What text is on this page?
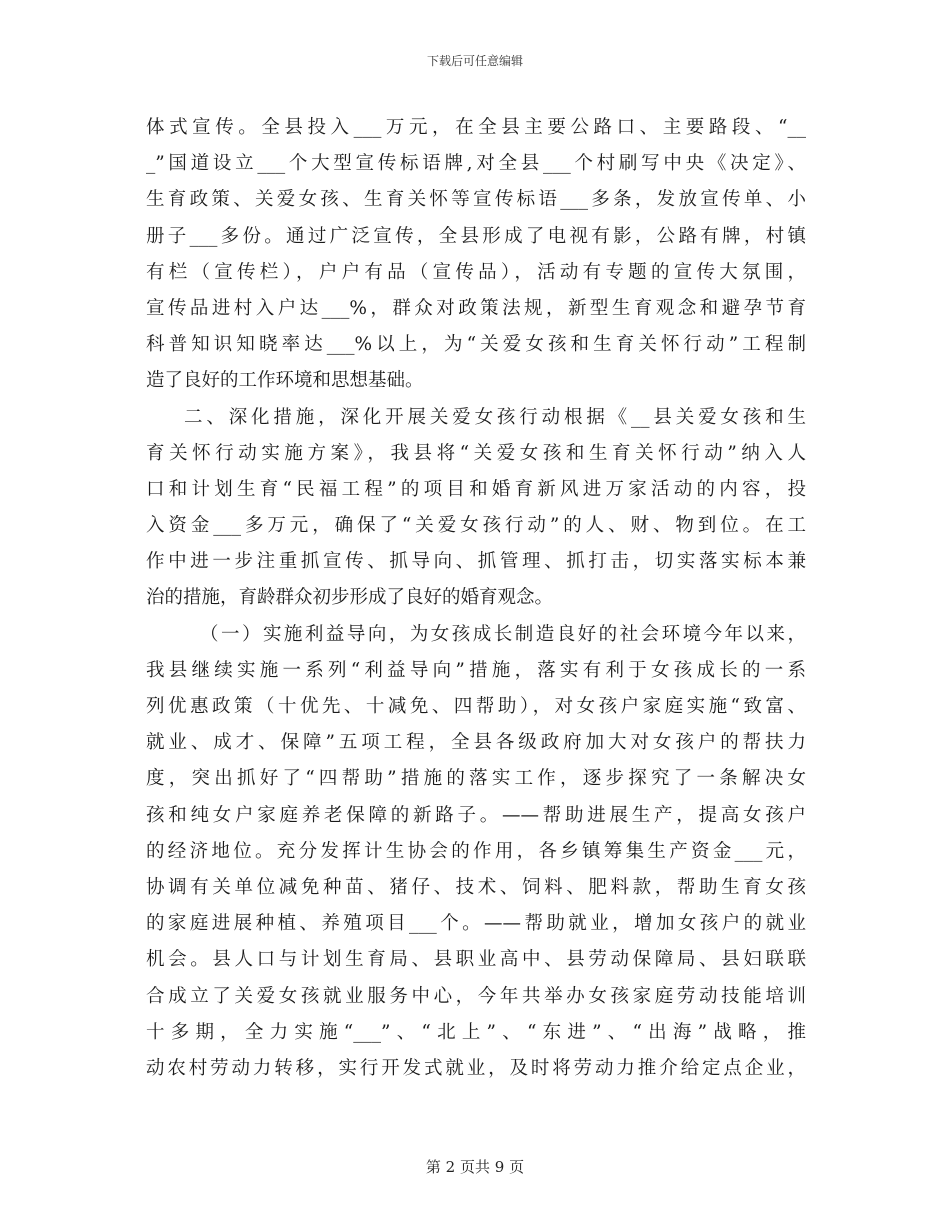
下载后可任意编辑
体式宣传。全县投入___万元，在全县主要公路口、主要路段、“__
_”国道设立___个大型宣传标语牌,对全县___个村刷写中央《决定》、
生育政策、关爱女孩、生育关怀等宣传标语___多条，发放宣传单、小
册子___多份。通过广泛宣传，全县形成了电视有影，公路有牌，村镇
有栏（宣传栏），户户有品（宣传品），活动有专题的宣传大氛围，
宣传品进村入户达___%，群众对政策法规，新型生育观念和避孕节育
科普知识知晓率达___%以上，为“关爱女孩和生育关怀行动”工程制
造了良好的工作环境和思想基础。
二、深化措施，深化开展关爱女孩行动根据《__县关爱女孩和生
育关怀行动实施方案》，我县将“关爱女孩和生育关怀行动”纳入人
口和计划生育“民福工程”的项目和婚育新风进万家活动的内容，投
入资金___多万元，确保了“关爱女孩行动”的人、财、物到位。在工
作中进一步注重抓宣传、抓导向、抓管理、抓打击，切实落实标本兼
治的措施，育龄群众初步形成了良好的婚育观念。
（一）实施利益导向，为女孩成长制造良好的社会环境今年以来，
我县继续实施一系列“利益导向”措施，落实有利于女孩成长的一系
列优惠政策（十优先、十减免、四帮助），对女孩户家庭实施“致富、
就业、成才、保障”五项工程，全县各级政府加大对女孩户的帮扶力
度，突出抓好了“四帮助”措施的落实工作，逐步探究了一条解决女
孩和纯女户家庭养老保障的新路子。——帮助进展生产，提高女孩户
的经济地位。充分发挥计生协会的作用，各乡镇筹集生产资金___元，
协调有关单位减免种苗、猪仔、技术、饲料、肥料款，帮助生育女孩
的家庭进展种植、养殖项目___个。——帮助就业，增加女孩户的就业
机会。县人口与计划生育局、县职业高中、县劳动保障局、县妇联联
合成立了关爱女孩就业服务中心，今年共举办女孩家庭劳动技能培训
十多期，全力实施“___”、“北上”、“东进”、“出海”战略，推
动农村劳动力转移，实行开发式就业，及时将劳动力推介给定点企业，
第 2 页共 9 页
